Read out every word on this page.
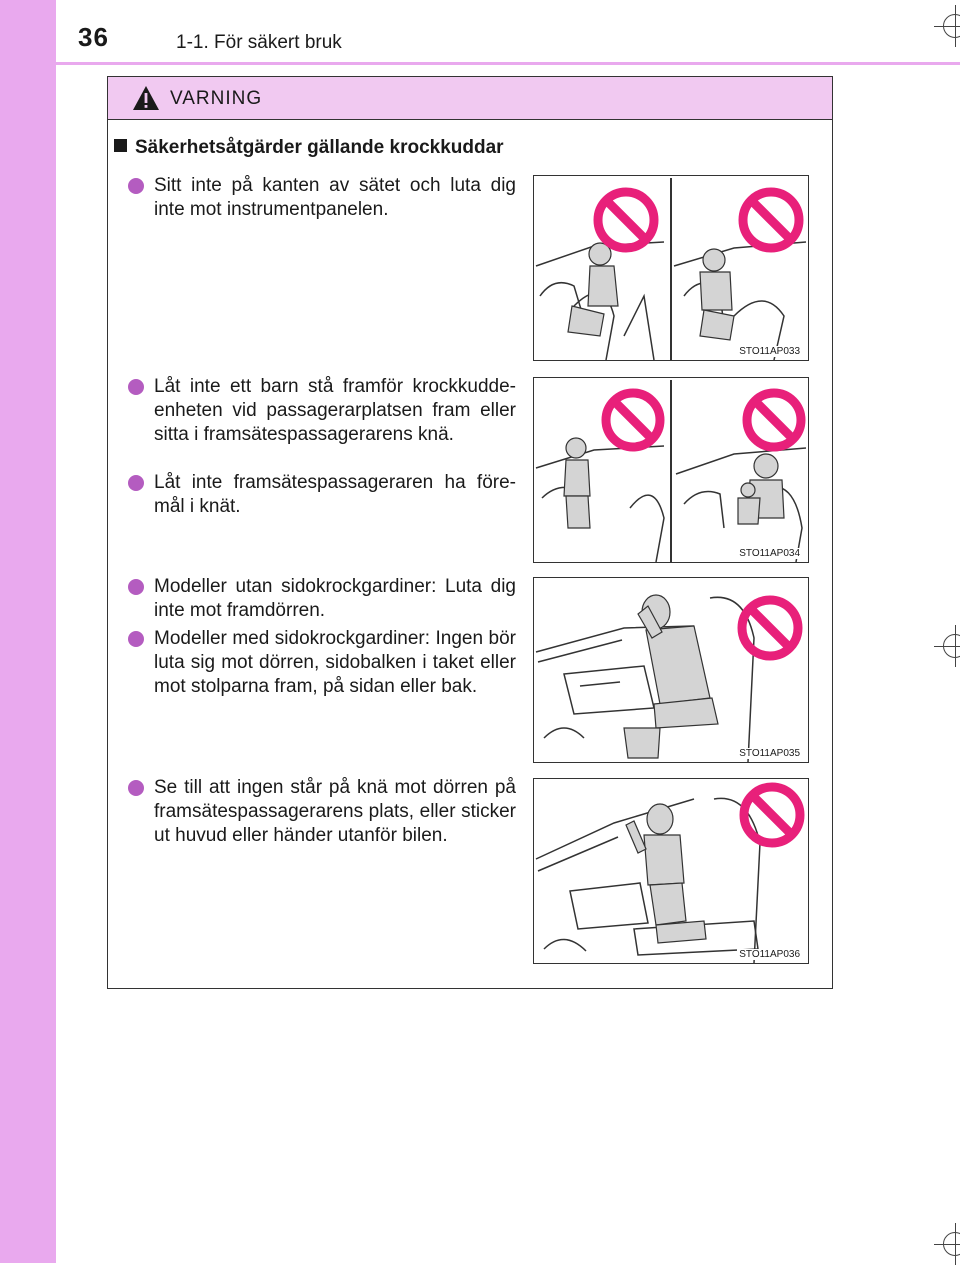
36	1-1. För säkert bruk
VARNING
Säkerhetsåtgärder gällande krockkuddar
Sitt inte på kanten av sätet och luta dig inte mot instrumentpanelen.
Låt inte ett barn stå framför krockkudde-enheten vid passagerarplatsen fram eller sitta i framsätespassagerarens knä.
Låt inte framsätespassageraren ha före-mål i knät.
Modeller utan sidokrockgardiner: Luta dig inte mot framdörren.
Modeller med sidokrockgardiner: Ingen bör luta sig mot dörren, sidobalken i taket eller mot stolparna fram, på sidan eller bak.
Se till att ingen står på knä mot dörren på framsätespassagerarens plats, eller sticker ut huvud eller händer utanför bilen.
STO11AP033
STO11AP034
STO11AP035
STO11AP036
